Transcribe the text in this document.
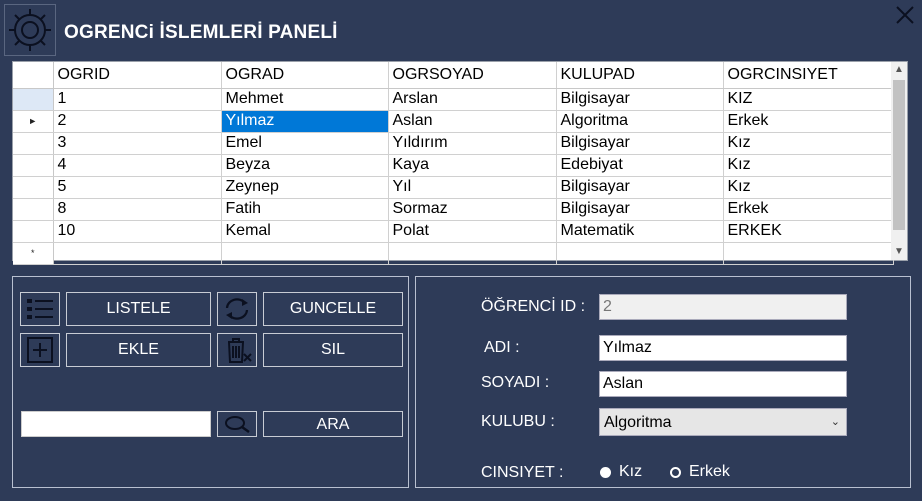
OGRENCi İSLEMLERİ PANELİ
	OGRID	OGRAD	OGRSOYAD	KULUPAD	OGRCINSIYET
	1	Mehmet	Arslan	Bilgisayar	KIZ

►	2	Yılmaz	Aslan	Algoritma	Erkek
	3	Emel	Yıldırım	Bilgisayar	Kız
	4	Beyza	Kaya	Edebiyat	Kız
	5	Zeynep	Yıl	Bilgisayar	Kız
	8	Fatih	Sormaz	Bilgisayar	Erkek
	10	Kemal	Polat	Matematik	ERKEK

*					

▲
▼
LISTELE	GUNCELLE
EKLE	SIL
ARA
ÖĞRENCİ ID : 2
ADI :	Yılmaz
SOYADI :	Aslan
KULUBU :	Algoritma	⌄
CINSIYET :	Kız	Erkek
